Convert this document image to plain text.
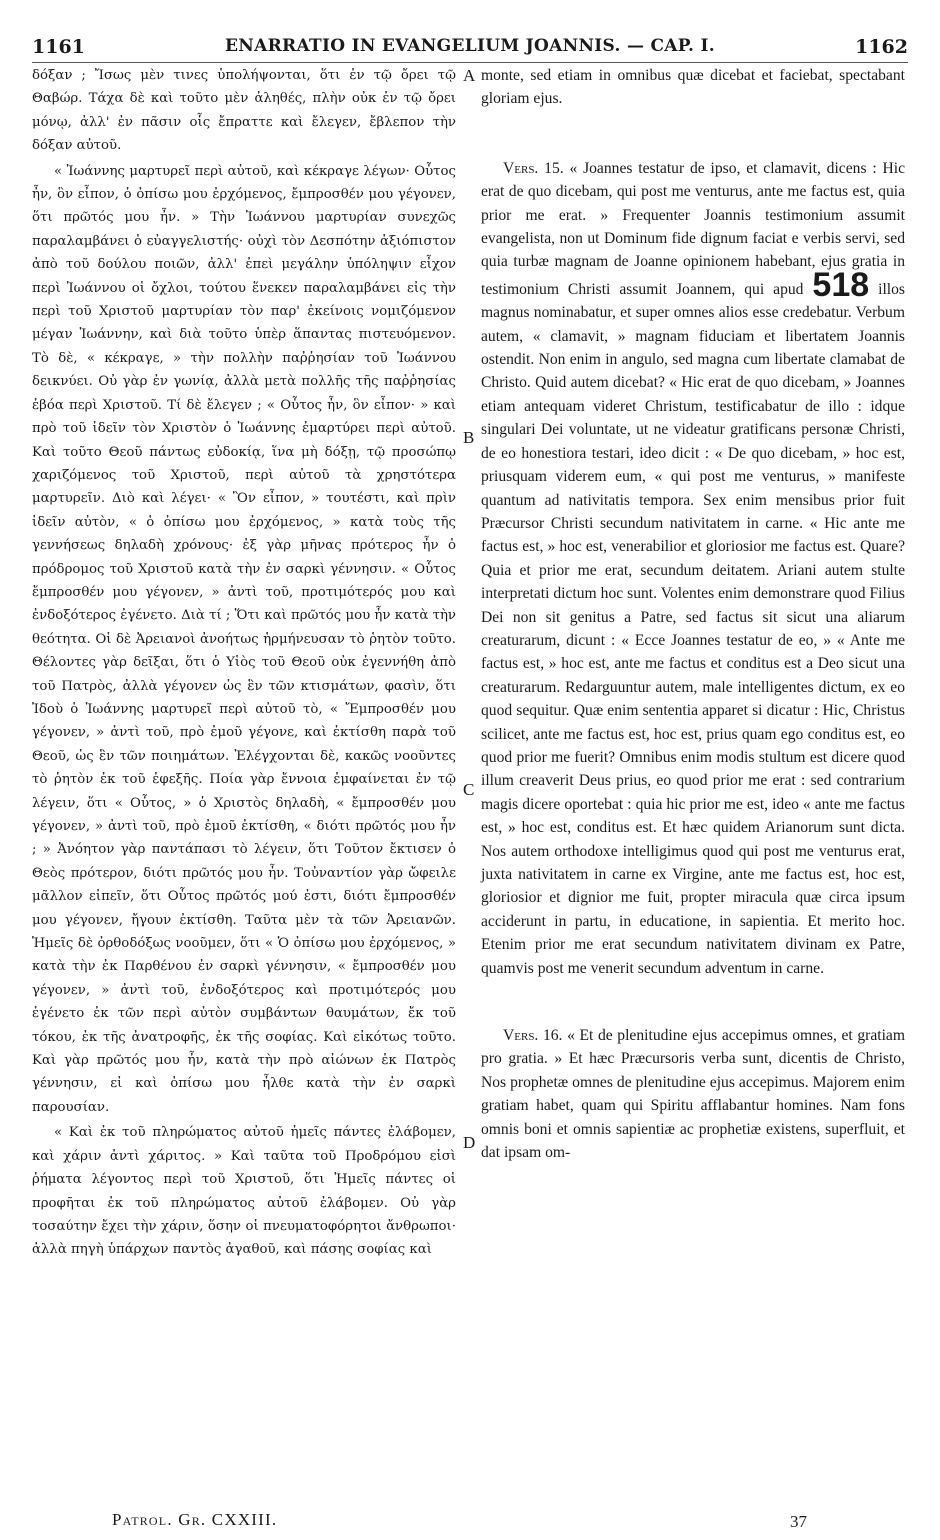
1161	ENARRATIO IN EVANGELIUM JOANNIS. — CAP. I.	1162

δόξαν ; Ἴσως μὲν τινες ὑπολήψονται, ὅτι ἐν τῷ ὄρει τῷ Θαβώρ. Τάχα δὲ καὶ τοῦτο μὲν ἀληθές, πλὴν οὐκ ἐν τῷ ὄρει μόνῳ, ἀλλ' ἐν πᾶσιν οἷς ἔπραττε καὶ ἔλεγεν, ἔβλεπον τὴν δόξαν αὐτοῦ.

« Ἰωάννης μαρτυρεῖ περὶ αὐτοῦ, καὶ κέκραγε λέγων· Οὗτος ἦν, ὃν εἶπον, ὁ ὀπίσω μου ἐρχόμενος, ἔμπροσθέν μου γέγονεν, ὅτι πρῶτός μου ἦν. » Τὴν Ἰωάννου μαρτυρίαν συνεχῶς παραλαμβάνει ὁ εὐαγγελιστής· οὐχὶ τὸν Δεσπότην ἀξιόπιστον ἀπὸ τοῦ δούλου ποιῶν, ἀλλ' ἐπεὶ μεγάλην ὑπόληψιν εἶχον περὶ Ἰωάννου οἱ ὄχλοι, τούτου ἕνεκεν παραλαμβάνει εἰς τὴν περὶ τοῦ Χριστοῦ μαρτυρίαν τὸν παρ' ἐκείνοις νομιζόμενον μέγαν Ἰωάννην, καὶ διὰ τοῦτο ὑπὲρ ἅπαντας πιστευόμενον. Τὸ δὲ, « κέκραγε, » τὴν πολλὴν παῤῥησίαν τοῦ Ἰωάννου δεικνύει. Οὐ γὰρ ἐν γωνίᾳ, ἀλλὰ μετὰ πολλῆς τῆς παῤῥησίας ἐβόα περὶ Χριστοῦ. Τί δὲ ἔλεγεν ; « Οὗτος ἦν, ὃν εἶπον· » καὶ πρὸ τοῦ ἰδεῖν τὸν Χριστὸν ὁ Ἰωάννης ἐμαρτύρει περὶ αὐτοῦ. Καὶ τοῦτο Θεοῦ πάντως εὐδοκίᾳ, ἵνα μὴ δόξῃ, τῷ προσώπῳ χαριζόμενος τοῦ Χριστοῦ, περὶ αὐτοῦ τὰ χρηστότερα μαρτυρεῖν. Διὸ καὶ λέγει· « Ὃν εἶπον, » τουτέστι, καὶ πρὶν ἰδεῖν αὐτὸν, « ὁ ὀπίσω μου ἐρχόμενος, » κατὰ τοὺς τῆς γεννήσεως δηλαδὴ χρόνους· ἐξ γὰρ μῆνας πρότερος ἦν ὁ πρόδρομος τοῦ Χριστοῦ κατὰ τὴν ἐν σαρκὶ γέννησιν. « Οὗτος ἔμπροσθέν μου γέγονεν, » ἀντὶ τοῦ, προτιμότερός μου καὶ ἐνδοξότερος ἐγένετο. Διὰ τί ; Ὅτι καὶ πρῶτός μου ἦν κατὰ τὴν θεότητα. Οἱ δὲ Ἀρειανοὶ ἀνοήτως ἡρμήνευσαν τὸ ῥητὸν τοῦτο. Θέλοντες γὰρ δεῖξαι, ὅτι ὁ Υἱὸς τοῦ Θεοῦ οὐκ ἐγεννήθη ἀπὸ τοῦ Πατρὸς, ἀλλὰ γέγονεν ὡς ἓν τῶν κτισμάτων, φασὶν, ὅτι Ἰδοὺ ὁ Ἰωάννης μαρτυρεῖ περὶ αὐτοῦ τὸ, « Ἔμπροσθέν μου γέγονεν, » ἀντὶ τοῦ, πρὸ ἐμοῦ γέγονε, καὶ ἐκτίσθη παρὰ τοῦ Θεοῦ, ὡς ἓν τῶν ποιημάτων. Ἐλέγχονται δὲ, κακῶς νοοῦντες τὸ ῥητὸν ἐκ τοῦ ἐφεξῆς. Ποία γὰρ ἔννοια ἐμφαίνεται ἐν τῷ λέγειν, ὅτι « Οὗτος, » ὁ Χριστὸς δηλαδὴ, « ἔμπροσθέν μου γέγονεν, » ἀντὶ τοῦ, πρὸ ἐμοῦ ἐκτίσθη, « διότι πρῶτός μου ἦν ; » Ἀνόητον γὰρ παντάπασι τὸ λέγειν, ὅτι Τοῦτον ἔκτισεν ὁ Θεὸς πρότερον, διότι πρῶτός μου ἦν. Τοὐναντίον γὰρ ὤφειλε μᾶλλον εἰπεῖν, ὅτι Οὗτος πρῶτός μού ἐστι, διότι ἔμπροσθέν μου γέγονεν, ἤγουν ἐκτίσθη. Ταῦτα μὲν τὰ τῶν Ἀρειανῶν. Ἡμεῖς δὲ ὀρθοδόξως νοοῦμεν, ὅτι « Ὁ ὀπίσω μου ἐρχόμενος, » κατὰ τὴν ἐκ Παρθένου ἐν σαρκὶ γέννησιν, « ἔμπροσθέν μου γέγονεν, » ἀντὶ τοῦ, ἐνδοξότερος καὶ προτιμότερός μου ἐγένετο ἐκ τῶν περὶ αὐτὸν συμβάντων θαυμάτων, ἔκ τοῦ τόκου, ἐκ τῆς ἀνατροφῆς, ἐκ τῆς σοφίας. Καὶ εἰκότως τοῦτο. Καὶ γὰρ πρῶτός μου ἦν, κατὰ τὴν πρὸ αἰώνων ἐκ Πατρὸς γέννησιν, εἰ καὶ ὀπίσω μου ἦλθε κατὰ τὴν ἐν σαρκὶ παρουσίαν.

« Καὶ ἐκ τοῦ πληρώματος αὐτοῦ ἡμεῖς πάντες ἐλάβομεν, καὶ χάριν ἀντὶ χάριτος. » Καὶ ταῦτα τοῦ Προδρόμου εἰσὶ ῥήματα λέγοντος περὶ τοῦ Χριστοῦ, ὅτι Ἡμεῖς πάντες οἱ προφῆται ἐκ τοῦ πληρώματος αὐτοῦ ἐλάβομεν. Οὐ γὰρ τοσαύτην ἔχει τὴν χάριν, ὅσην οἱ πνευματοφόρητοι ἄνθρωποι· ἀλλὰ πηγὴ ὑπάρχων παντὸς ἀγαθοῦ, καὶ πάσης σοφίας καὶ

A
B
C
D

monte, sed etiam in omnibus quæ dicebat et faciebat, spectabant gloriam ejus.

Vers. 15. « Joannes testatur de ipso, et clamavit, dicens : Hic erat de quo dicebam, qui post me venturus, ante me factus est, quia prior me erat. » Frequenter Joannis testimonium assumit evangelista, non ut Dominum fide dignum faciat e verbis servi, sed quia turbæ magnam de Joanne opinionem habebant, ejus gratia in testimonium Christi assumit Joannem, qui apud 518 illos magnus nominabatur, et super omnes alios esse credebatur. Verbum autem, « clamavit, » magnam fiduciam et libertatem Joannis ostendit. Non enim in angulo, sed magna cum libertate clamabat de Christo. Quid autem dicebat? « Hic erat de quo dicebam, » Joannes etiam antequam videret Christum, testificabatur de illo : idque singulari Dei voluntate, ut ne videatur gratificans personæ Christi, de eo honestiora testari, ideo dicit : « De quo dicebam, » hoc est, priusquam viderem eum, « qui post me venturus, » manifeste quantum ad nativitatis tempora. Sex enim mensibus prior fuit Præcursor Christi secundum nativitatem in carne. « Hic ante me factus est, » hoc est, venerabilior et gloriosior me factus est. Quare? Quia et prior me erat, secundum deitatem. Ariani autem stulte interpretati dictum hoc sunt. Volentes enim demonstrare quod Filius Dei non sit genitus a Patre, sed factus sit sicut una aliarum creaturarum, dicunt : « Ecce Joannes testatur de eo, » « Ante me factus est, » hoc est, ante me factus et conditus est a Deo sicut una creaturarum. Redarguuntur autem, male intelligentes dictum, ex eo quod sequitur. Quæ enim sententia apparet si dicatur : Hic, Christus scilicet, ante me factus est, hoc est, prius quam ego conditus est, eo quod prior me fuerit? Omnibus enim modis stultum est dicere quod illum creaverit Deus prius, eo quod prior me erat : sed contrarium magis dicere oportebat : quia hic prior me est, ideo « ante me factus est, » hoc est, conditus est. Et hæc quidem Arianorum sunt dicta. Nos autem orthodoxe intelligimus quod qui post me venturus erat, juxta nativitatem in carne ex Virgine, ante me factus est, hoc est, gloriosior et dignior me fuit, propter miracula quæ circa ipsum acciderunt in partu, in educatione, in sapientia. Et merito hoc. Etenim prior me erat secundum nativitatem divinam ex Patre, quamvis post me venerit secundum adventum in carne.

Vers. 16. « Et de plenitudine ejus accepimus omnes, et gratiam pro gratia. » Et hæc Præcursoris verba sunt, dicentis de Christo, Nos prophetæ omnes de plenitudine ejus accepimus. Majorem enim gratiam habet, quam qui Spiritu afflabantur homines. Nam fons omnis boni et omnis sapientiæ ac prophetiæ existens, superfluit, et dat ipsam om-

Patrol. Gr. CXXIII.	37
